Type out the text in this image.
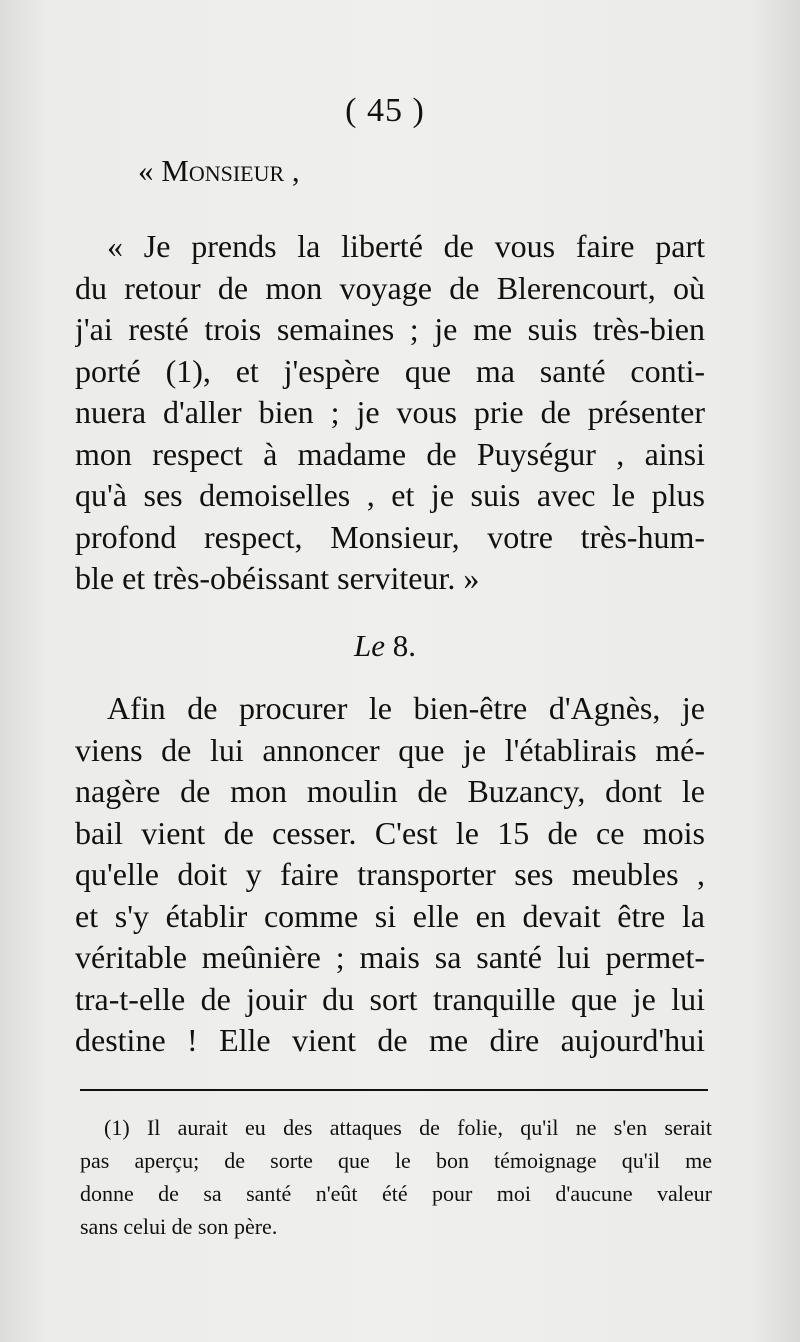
( 45 )
« Monsieur ,
« Je prends la liberté de vous faire part
du retour de mon voyage de Blerencourt, où
j'ai resté trois semaines ; je me suis très-bien
porté (1), et j'espère que ma santé conti-
nuera d'aller bien ; je vous prie de présenter
mon respect à madame de Puységur , ainsi
qu'à ses demoiselles , et je suis avec le plus
profond respect, Monsieur, votre très-hum-
ble et très-obéissant serviteur. »
Le 8.
Afin de procurer le bien-être d'Agnès, je
viens de lui annoncer que je l'établirais mé-
nagère de mon moulin de Buzancy, dont le
bail vient de cesser. C'est le 15 de ce mois
qu'elle doit y faire transporter ses meubles ,
et s'y établir comme si elle en devait être la
véritable meûnière ; mais sa santé lui permet-
tra-t-elle de jouir du sort tranquille que je lui
destine ! Elle vient de me dire aujourd'hui
(1) Il aurait eu des attaques de folie, qu'il ne s'en serait
pas aperçu; de sorte que le bon témoignage qu'il me
donne de sa santé n'eût été pour moi d'aucune valeur
sans celui de son père.
